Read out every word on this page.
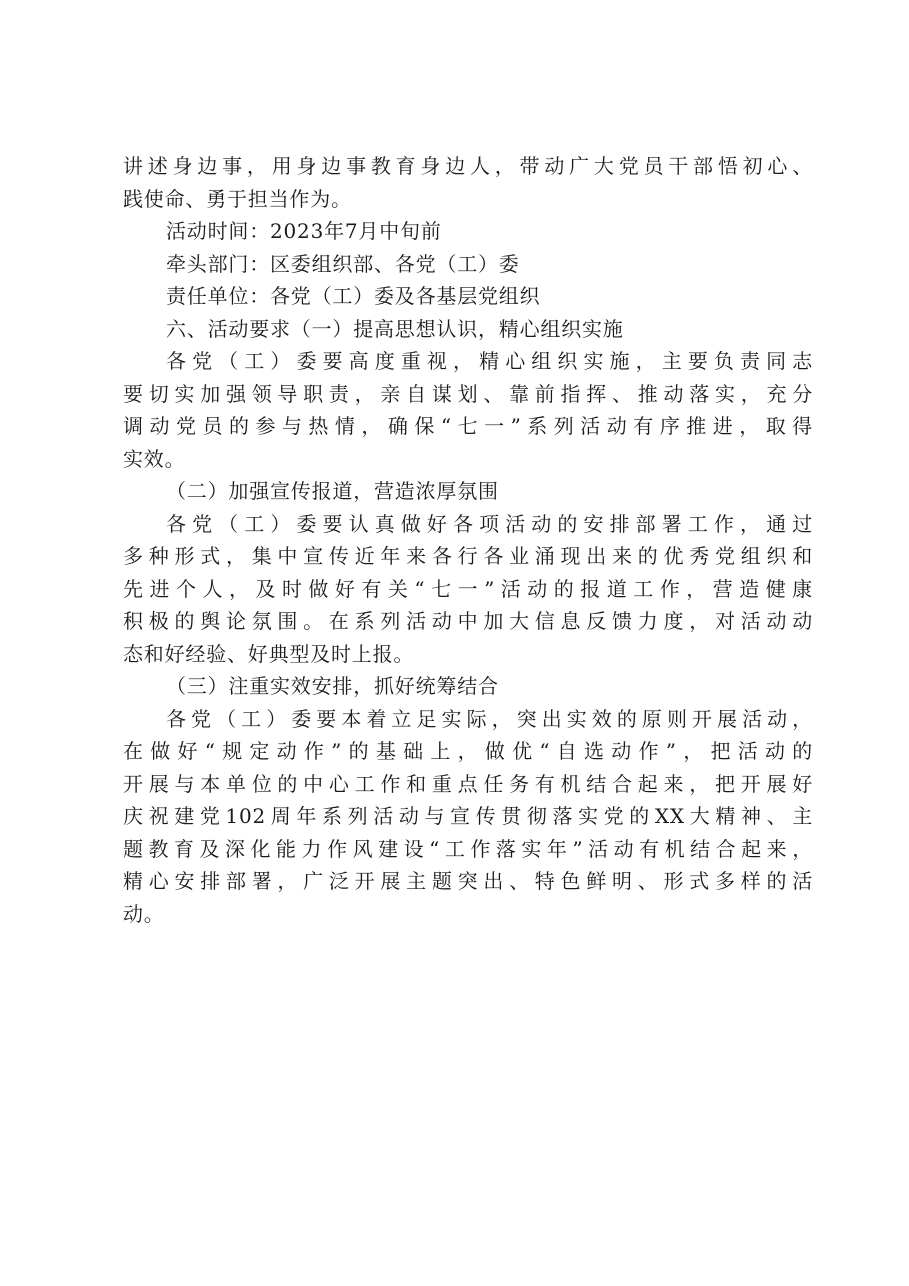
讲述身边事，用身边事教育身边人，带动广大党员干部悟初心、
践使命、勇于担当作为。
活动时间：2023年7月中旬前
牵头部门：区委组织部、各党（工）委
责任单位：各党（工）委及各基层党组织
六、活动要求（一）提高思想认识，精心组织实施
各党（工）委要高度重视，精心组织实施，主要负责同志
要切实加强领导职责，亲自谋划、靠前指挥、推动落实，充分
调动党员的参与热情，确保“七一”系列活动有序推进，取得
实效。
（二）加强宣传报道，营造浓厚氛围
各党（工）委要认真做好各项活动的安排部署工作，通过
多种形式，集中宣传近年来各行各业涌现出来的优秀党组织和
先进个人，及时做好有关“七一”活动的报道工作，营造健康
积极的舆论氛围。在系列活动中加大信息反馈力度，对活动动
态和好经验、好典型及时上报。
（三）注重实效安排，抓好统筹结合
各党（工）委要本着立足实际，突出实效的原则开展活动，
在做好“规定动作”的基础上，做优“自选动作”，把活动的
开展与本单位的中心工作和重点任务有机结合起来，把开展好
庆祝建党102周年系列活动与宣传贯彻落实党的XX大精神、主
题教育及深化能力作风建设“工作落实年”活动有机结合起来，
精心安排部署，广泛开展主题突出、特色鲜明、形式多样的活
动。
